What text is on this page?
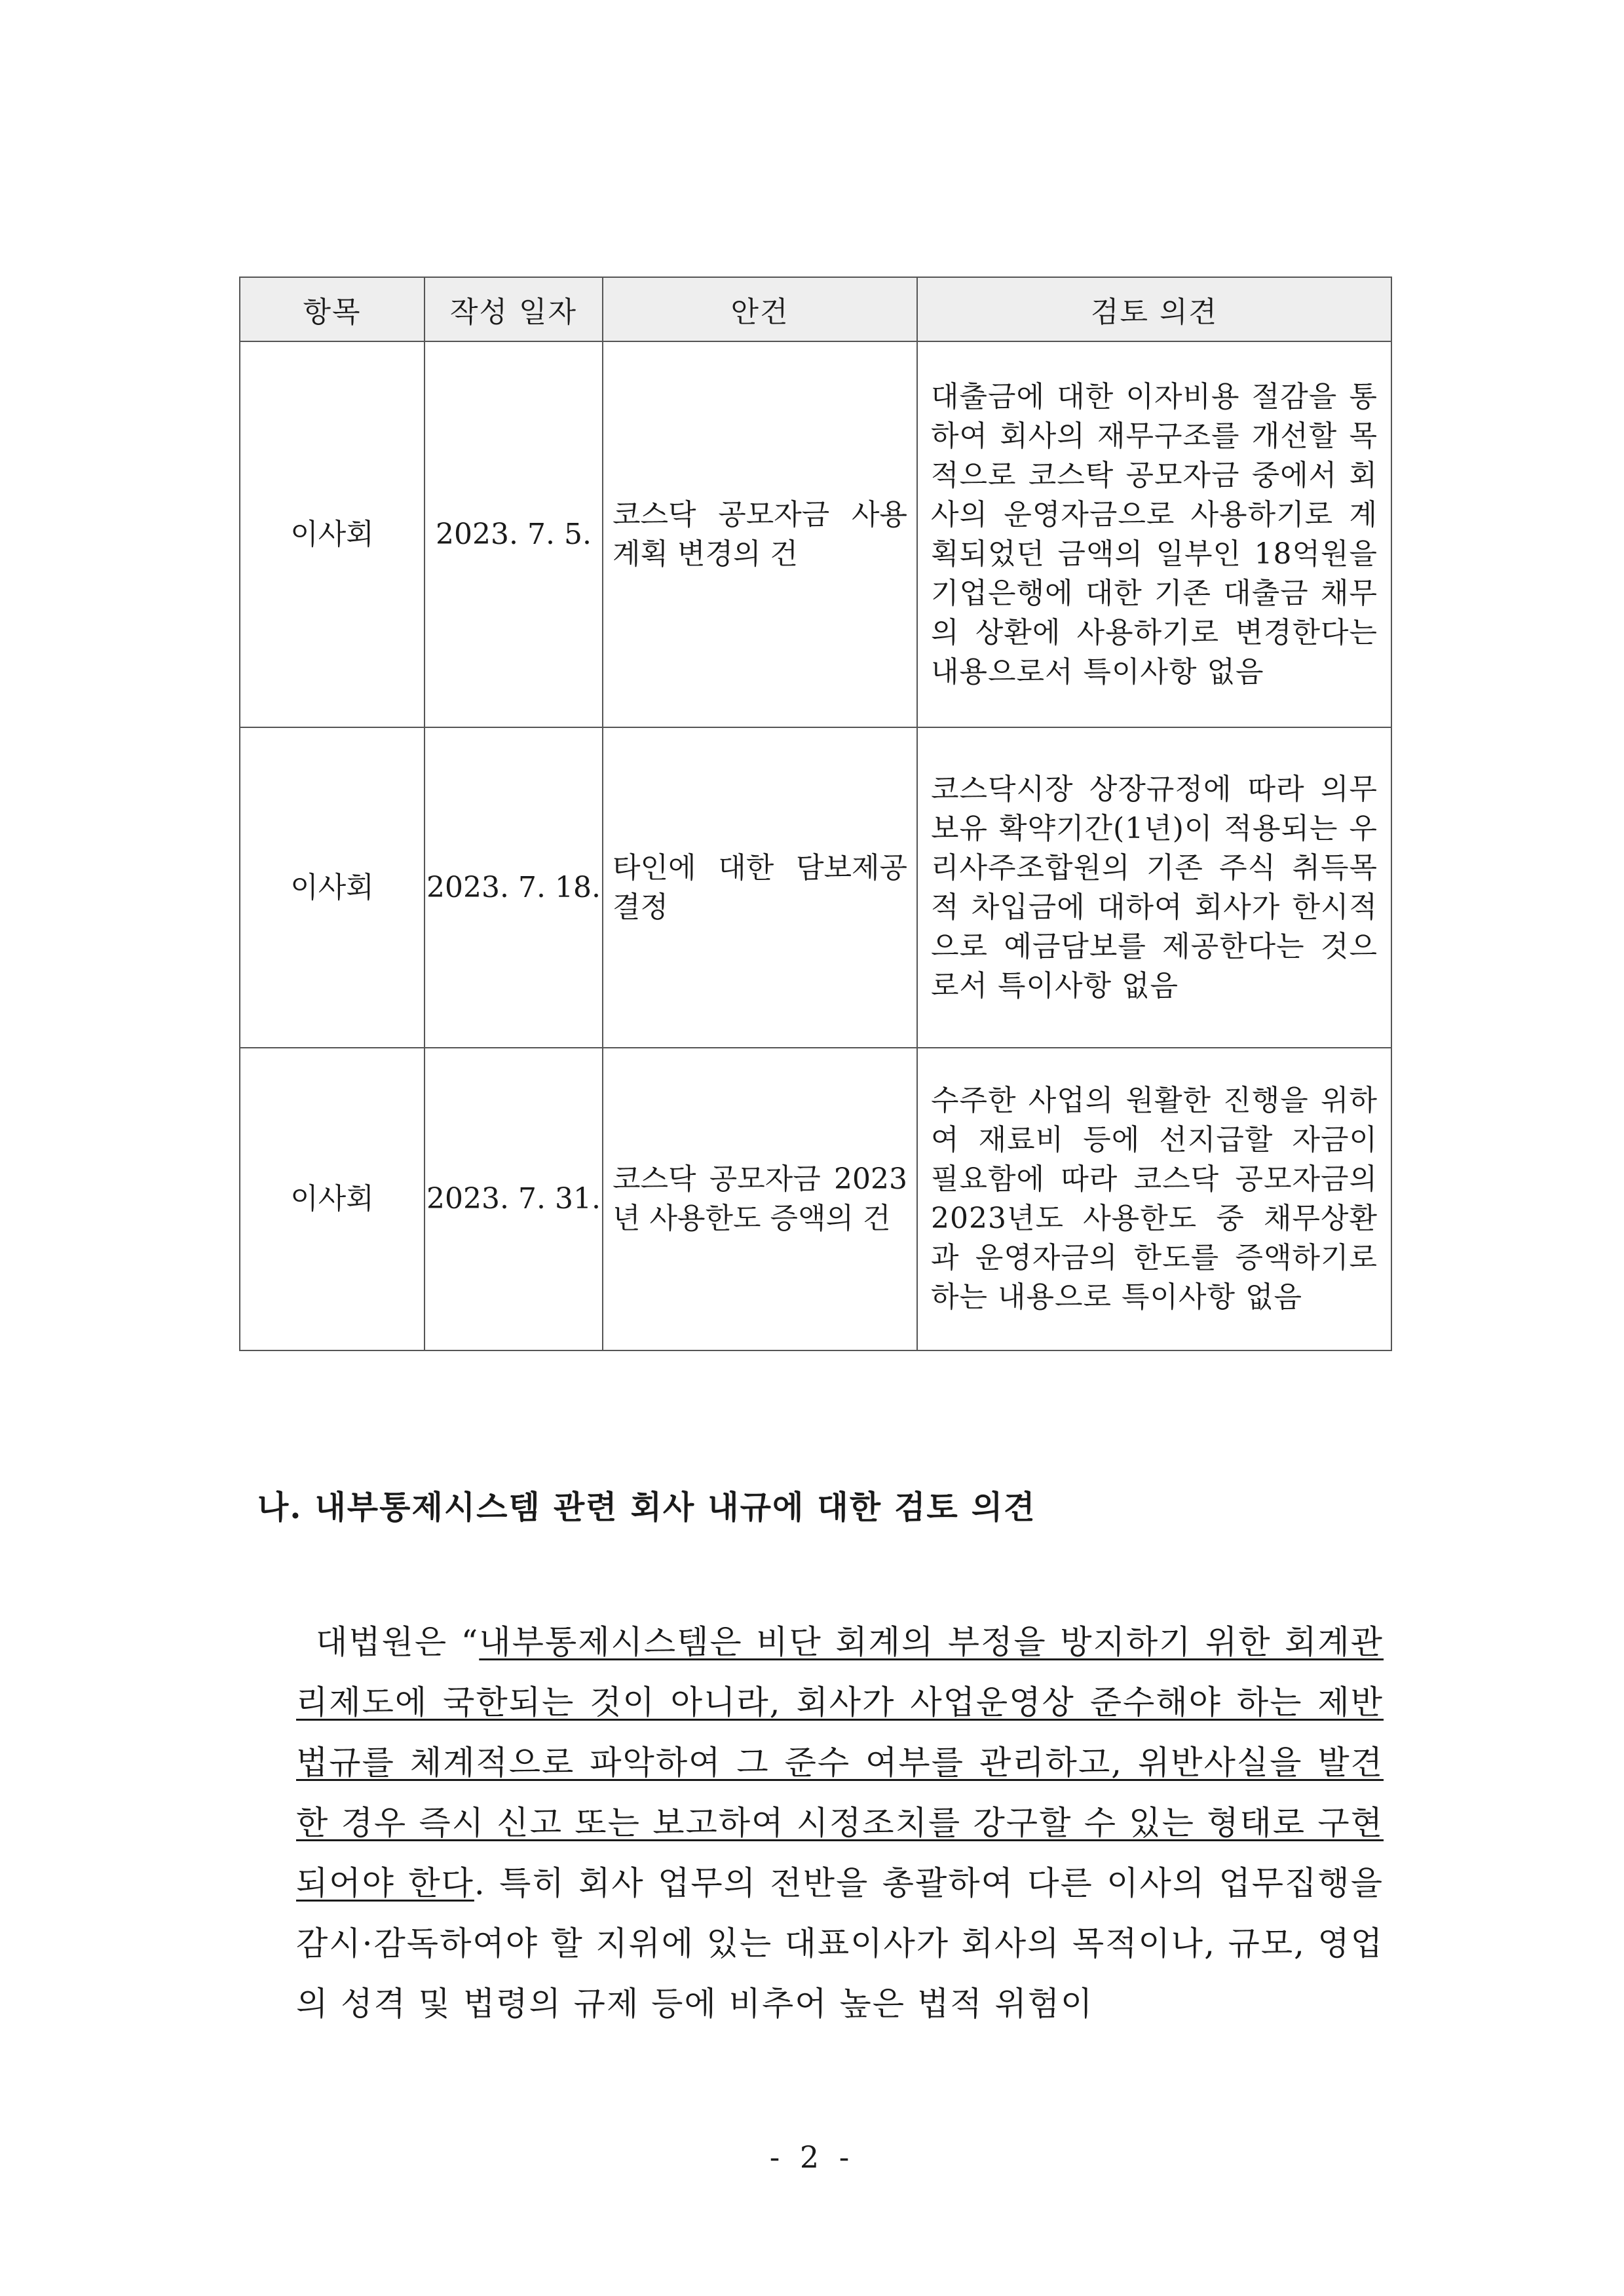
항목	작성 일자	안건	검토 의견
이사회	2023. 7. 5.	코스닥 공모자금 사용계획 변경의 건	대출금에 대한 이자비용 절감을 통하여 회사의 재무구조를 개선할 목적으로 코스탁 공모자금 중에서 회사의 운영자금으로 사용하기로 계획되었던 금액의 일부인 18억원을 기업은행에 대한 기존 대출금 채무의 상환에 사용하기로 변경한다는 내용으로서 특이사항 없음
이사회	2023. 7. 18.	타인에 대한 담보제공 결정	코스닥시장 상장규정에 따라 의무보유 확약기간(1년)이 적용되는 우리사주조합원의 기존 주식 취득목적 차입금에 대하여 회사가 한시적으로 예금담보를 제공한다는 것으로서 특이사항 없음
이사회	2023. 7. 31.	코스닥 공모자금 2023년 사용한도 증액의 건	수주한 사업의 원활한 진행을 위하여 재료비 등에 선지급할 자금이 필요함에 따라 코스닥 공모자금의 2023년도 사용한도 중 채무상환과 운영자금의 한도를 증액하기로 하는 내용으로 특이사항 없음
나. 내부통제시스템 관련 회사 내규에 대한 검토 의견

대법원은 “내부통제시스템은 비단 회계의 부정을 방지하기 위한 회계관리제도에 국한되는 것이 아니라, 회사가 사업운영상 준수해야 하는 제반 법규를 체계적으로 파악하여 그 준수 여부를 관리하고, 위반사실을 발견한 경우 즉시 신고 또는 보고하여 시정조치를 강구할 수 있는 형태로 구현되어야 한다. 특히 회사 업무의 전반을 총괄하여 다른 이사의 업무집행을 감시·감독하여야 할 지위에 있는 대표이사가 회사의 목적이나, 규모, 영업의 성격 및 법령의 규제 등에 비추어 높은 법적 위험이

- 2 -
